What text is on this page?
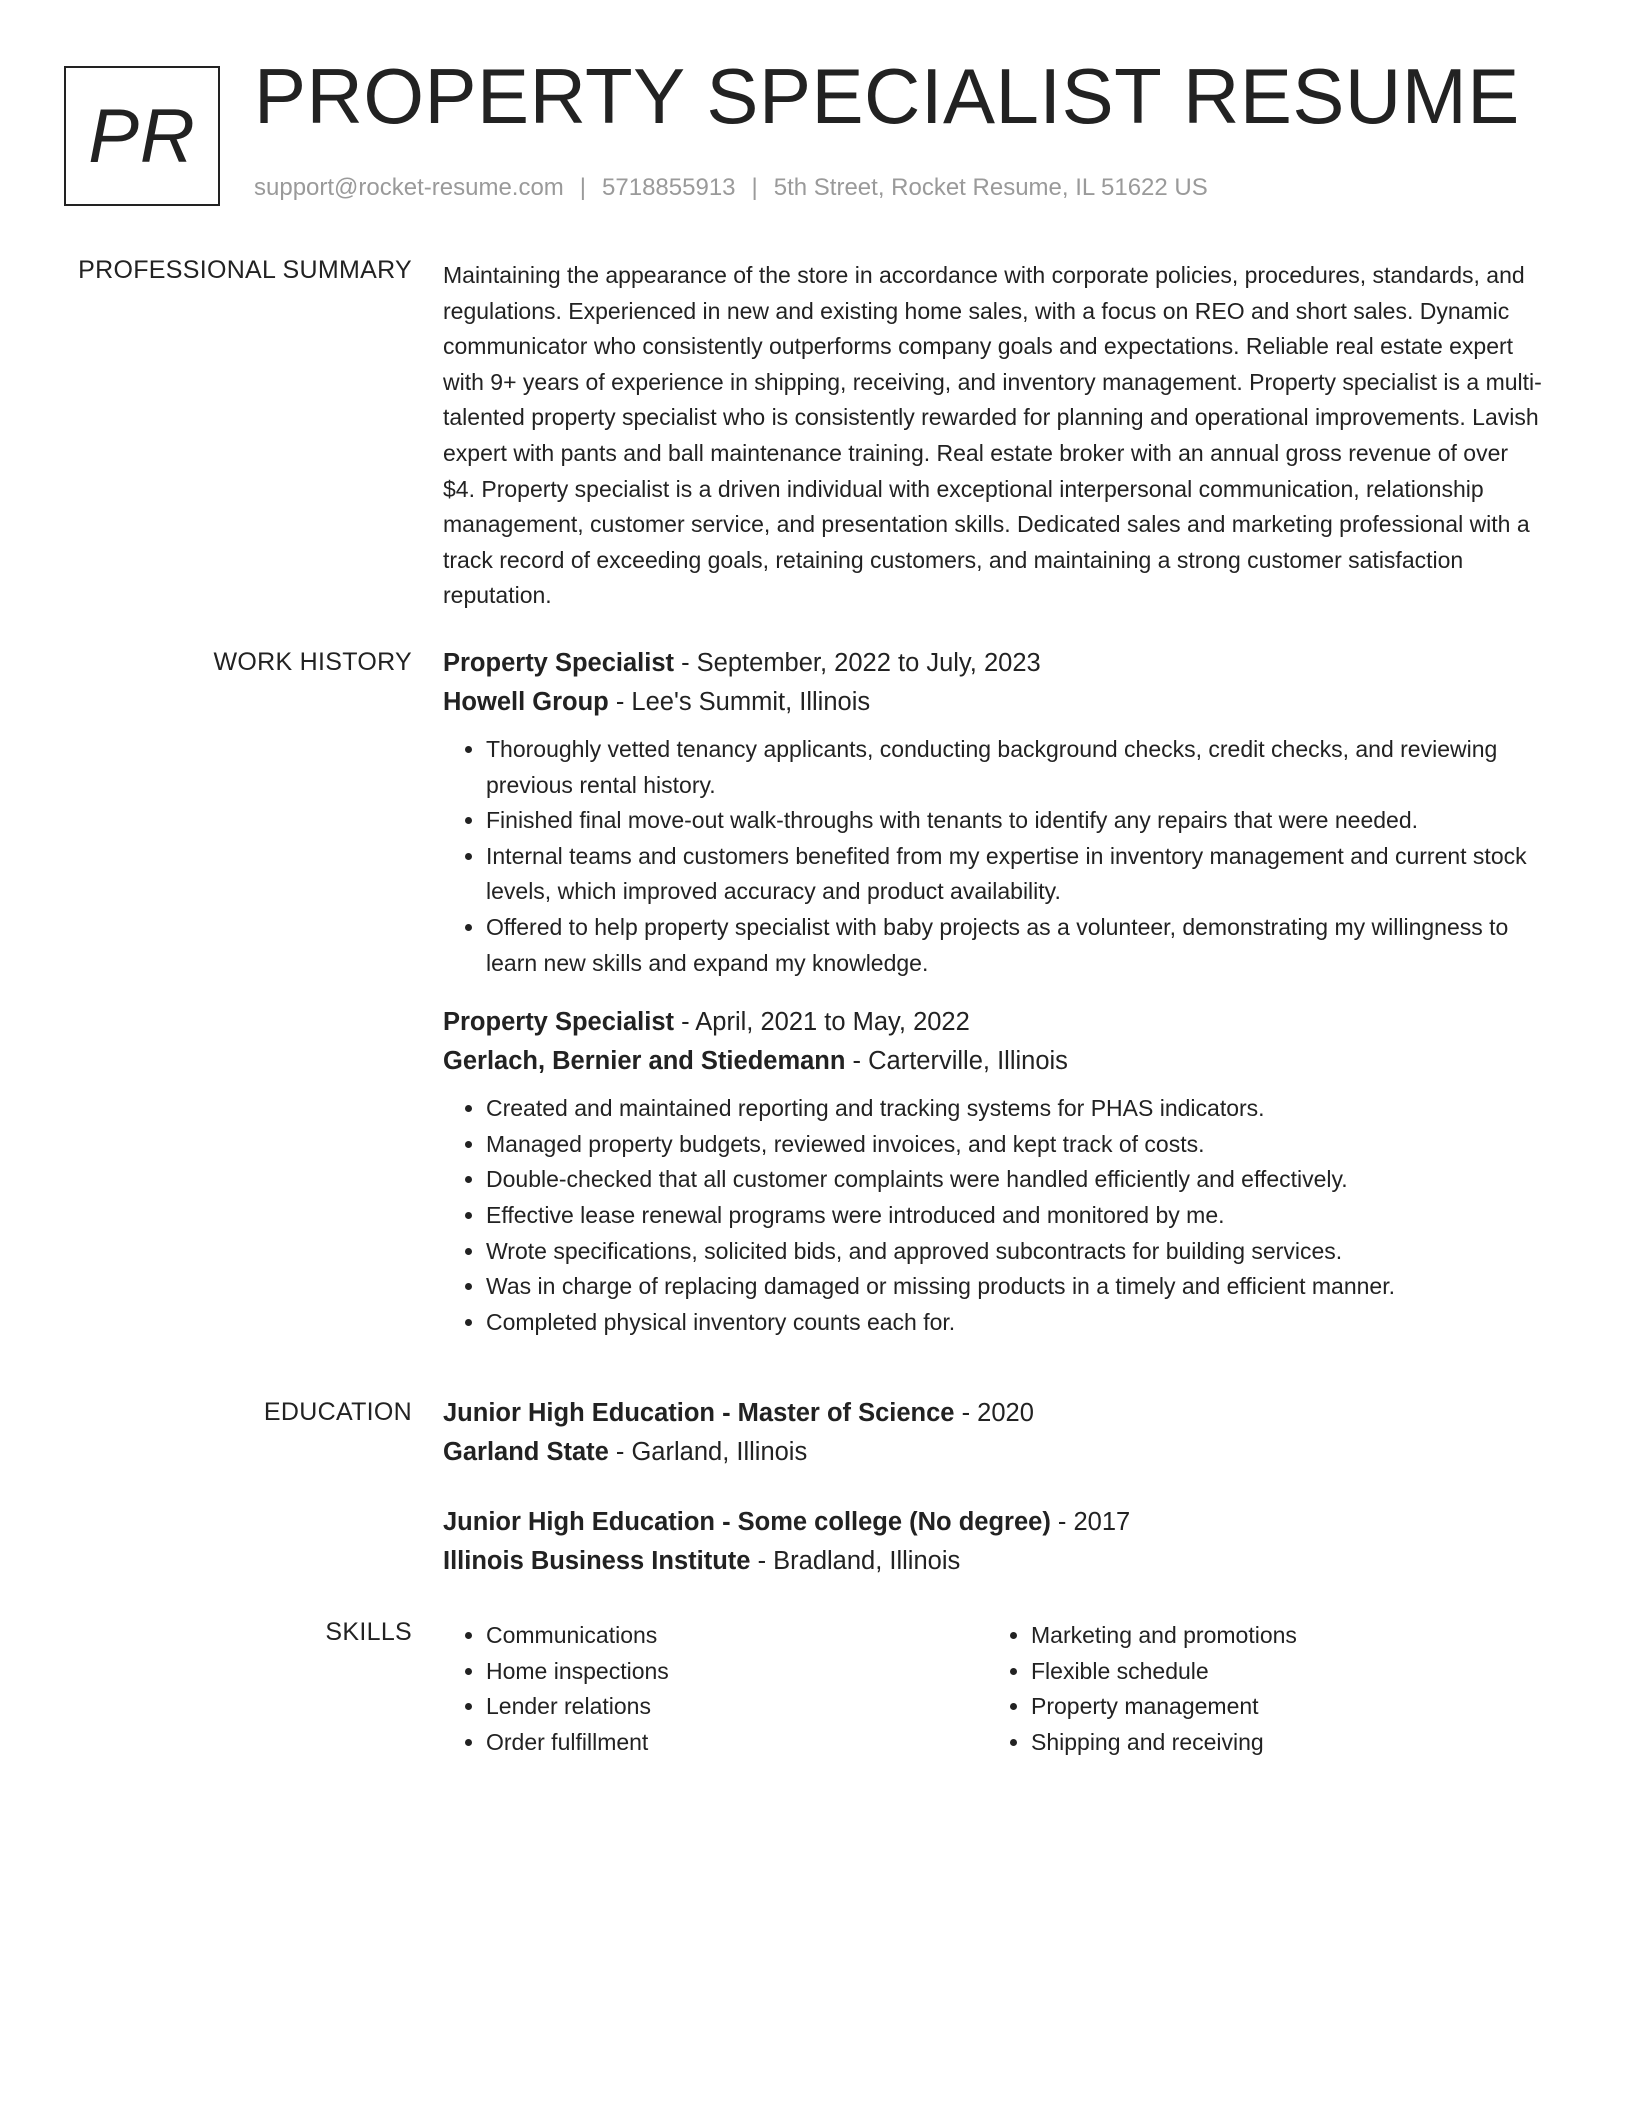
PR PROPERTY SPECIALIST RESUME
support@rocket-resume.com | 5718855913 | 5th Street, Rocket Resume, IL 51622 US
PROFESSIONAL SUMMARY Maintaining the appearance of the store in accordance with corporate policies, procedures, standards, and regulations. Experienced in new and existing home sales, with a focus on REO and short sales. Dynamic communicator who consistently outperforms company goals and expectations. Reliable real estate expert with 9+ years of experience in shipping, receiving, and inventory management. Property specialist is a multi-talented property specialist who is consistently rewarded for planning and operational improvements. Lavish expert with pants and ball maintenance training. Real estate broker with an annual gross revenue of over $4. Property specialist is a driven individual with exceptional interpersonal communication, relationship management, customer service, and presentation skills. Dedicated sales and marketing professional with a track record of exceeding goals, retaining customers, and maintaining a strong customer satisfaction reputation.

WORK HISTORY Property Specialist - September, 2022 to July, 2023
Howell Group - Lee's Summit, Illinois
• Thoroughly vetted tenancy applicants, conducting background checks, credit checks, and reviewing previous rental history.
• Finished final move-out walk-throughs with tenants to identify any repairs that were needed.
• Internal teams and customers benefited from my expertise in inventory management and current stock levels, which improved accuracy and product availability.
• Offered to help property specialist with baby projects as a volunteer, demonstrating my willingness to learn new skills and expand my knowledge.
Property Specialist - April, 2021 to May, 2022
Gerlach, Bernier and Stiedemann - Carterville, Illinois
• Created and maintained reporting and tracking systems for PHAS indicators.
• Managed property budgets, reviewed invoices, and kept track of costs.
• Double-checked that all customer complaints were handled efficiently and effectively.
• Effective lease renewal programs were introduced and monitored by me.
• Wrote specifications, solicited bids, and approved subcontracts for building services.
• Was in charge of replacing damaged or missing products in a timely and efficient manner.
• Completed physical inventory counts each for.
EDUCATION Junior High Education - Master of Science - 2020
Garland State - Garland, Illinois
Junior High Education - Some college (No degree) - 2017
Illinois Business Institute - Bradland, Illinois
SKILLS
•	Communications
• Home inspections
• Lender relations
• Order fulfillment
• Marketing and promotions
• Flexible schedule
• Property management
• Shipping and receiving
